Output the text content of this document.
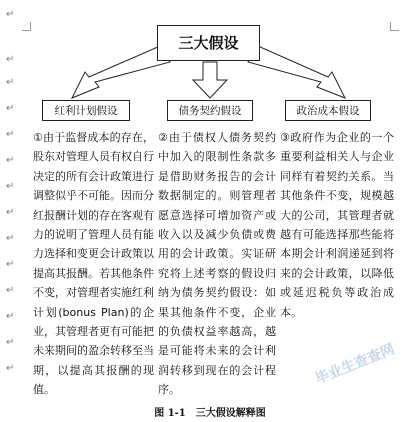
↵
↵
↵
↵
↵
↵
↵
↵
↵
↵
↵
↵
↵
↵
三大假设
红利计划假设	债务契约假设	政治成本假设
①由于监督成本的存在，股东对管理人员有权自行决定的所有会计政策进行调整似乎不可能。因而分红报酬计划的存在客观有力的说明了管理人员有能力选择和变更会计政策以提高其报酬。若其他条件不变，对管理者实施红利计划(bonus Plan)的企业，其管理者更有可能把未来期间的盈余转移至当期，以提高其报酬的现值。
②由于债权人债务契约中加入的限制性条款多是借助财务报告的会计数据制定的。则管理者愿意选择可增加资产或收入以及减少负债或费用的会计政策。实证研究将上述考察的假设归纳为债务契约假设：如果其他条件不变，企业的负债权益率越高，越是可能将未来的会计利润转移到现在的会计程序。
③政府作为企业的一个重要利益相关人与企业同样有着契约关系。当其他条件不变，规模越大的公司，其管理者就越有可能选择那些能将本期会计利润递延到将来的会计政策，以降低或延迟税负等政治成本。
毕业生查查网
图 1-1　三大假设解释图
